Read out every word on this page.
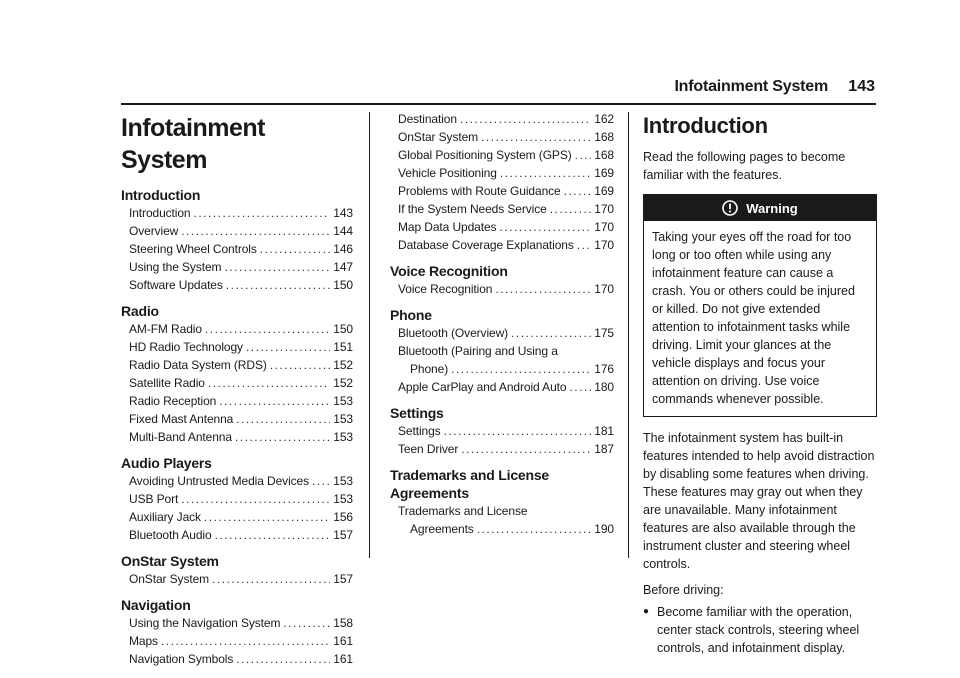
Infotainment System 143
Infotainment System
Introduction
Introduction .....	143
Overview .....	144
Steering Wheel Controls .....	146
Using the System .....	147
Software Updates .....	150
Radio
AM-FM Radio .....	150
HD Radio Technology .....	151
Radio Data System (RDS) .....	152
Satellite Radio .....	152
Radio Reception .....	153
Fixed Mast Antenna .....	153
Multi-Band Antenna .....	153
Audio Players
Avoiding Untrusted Media Devices ..... 153
USB Port .....	153
Auxiliary Jack .....	156
Bluetooth Audio .....	157
OnStar System
OnStar System .....	157
Navigation
Using the Navigation System .....	158
Maps .....	161
Navigation Symbols .....	161
Destination .....	162
OnStar System .....	168
Global Positioning System (GPS) ..... 168
Vehicle Positioning .....	169
Problems with Route Guidance .....	169
If the System Needs Service .....	170
Map Data Updates .....	170
Database Coverage Explanations ..... 170
Voice Recognition
Voice Recognition .....	170
Phone
Bluetooth (Overview) .....	175
Bluetooth (Pairing and Using a
Phone) .....	176
Apple CarPlay and Android Auto ..... 180
Settings
Settings .....	181
Teen Driver .....	187
Trademarks and License Agreements
Trademarks and License
Agreements .....	190
Introduction

Read the following pages to become familiar with the features.

Warning
Taking your eyes off the road for too long or too often while using any infotainment feature can cause a crash. You or others could be injured or killed. Do not give extended attention to infotainment tasks while driving. Limit your glances at the vehicle displays and focus your attention on driving. Use voice commands whenever possible.

The infotainment system has built-in features intended to help avoid distraction by disabling some features when driving. These features may gray out when they are unavailable. Many infotainment features are also available through the instrument cluster and steering wheel controls.

Before driving:

● Become familiar with the operation, center stack controls, steering wheel controls, and infotainment display.
